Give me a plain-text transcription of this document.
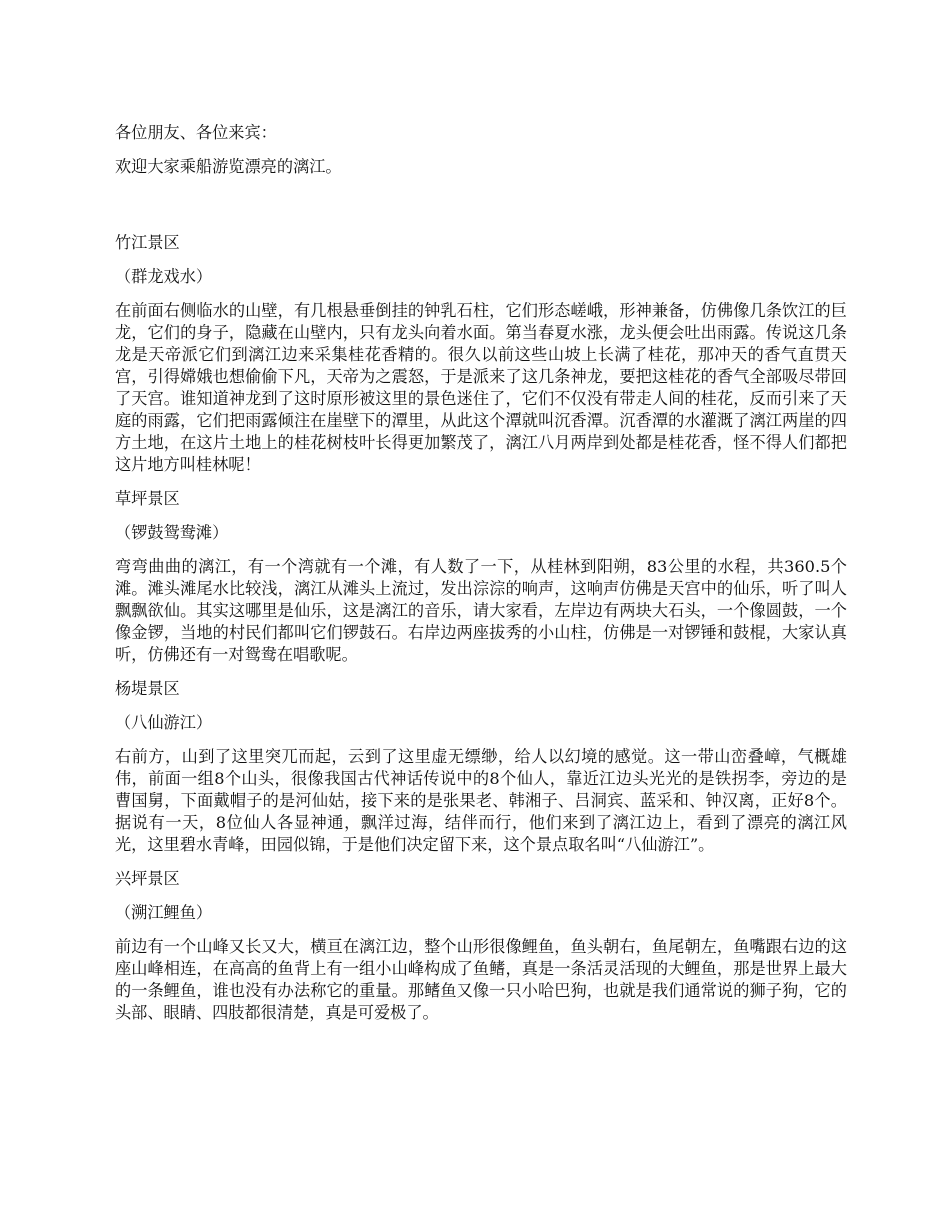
各位朋友、各位来宾：

欢迎大家乘船游览漂亮的漓江。

竹江景区

（群龙戏水）

在前面右侧临水的山壁，有几根悬垂倒挂的钟乳石柱，它们形态嵯峨，形神兼备，仿佛像几条饮江的巨龙，它们的身子，隐藏在山壁内，只有龙头向着水面。第当春夏水涨，龙头便会吐出雨露。传说这几条龙是天帝派它们到漓江边来采集桂花香精的。很久以前这些山坡上长满了桂花，那冲天的香气直贯天宫，引得嫦娥也想偷偷下凡，天帝为之震怒，于是派来了这几条神龙，要把这桂花的香气全部吸尽带回了天宫。谁知道神龙到了这时原形被这里的景色迷住了，它们不仅没有带走人间的桂花，反而引来了天庭的雨露，它们把雨露倾注在崖壁下的潭里，从此这个潭就叫沉香潭。沉香潭的水灌溉了漓江两崖的四方土地，在这片土地上的桂花树枝叶长得更加繁茂了，漓江八月两岸到处都是桂花香，怪不得人们都把这片地方叫桂林呢！

草坪景区

（锣鼓鸳鸯滩）

弯弯曲曲的漓江，有一个湾就有一个滩，有人数了一下，从桂林到阳朔，83公里的水程，共360.5个滩。滩头滩尾水比较浅，漓江从滩头上流过，发出淙淙的响声，这响声仿佛是天宫中的仙乐，听了叫人飘飘欲仙。其实这哪里是仙乐，这是漓江的音乐，请大家看，左岸边有两块大石头，一个像圆鼓，一个像金锣，当地的村民们都叫它们锣鼓石。右岸边两座拔秀的小山柱，仿佛是一对锣锤和鼓棍，大家认真听，仿佛还有一对鸳鸯在唱歌呢。

杨堤景区

（八仙游江）

右前方，山到了这里突兀而起，云到了这里虚无缥缈，给人以幻境的感觉。这一带山峦叠嶂，气概雄伟，前面一组8个山头，很像我国古代神话传说中的8个仙人，靠近江边头光光的是铁拐李，旁边的是曹国舅，下面戴帽子的是河仙姑，接下来的是张果老、韩湘子、吕洞宾、蓝采和、钟汉离，正好8个。据说有一天，8位仙人各显神通，飘洋过海，结伴而行，他们来到了漓江边上，看到了漂亮的漓江风光，这里碧水青峰，田园似锦，于是他们决定留下来，这个景点取名叫“八仙游江”。

兴坪景区

（溯江鲤鱼）

前边有一个山峰又长又大，横亘在漓江边，整个山形很像鲤鱼，鱼头朝右，鱼尾朝左，鱼嘴跟右边的这座山峰相连，在高高的鱼背上有一组小山峰构成了鱼鳍，真是一条活灵活现的大鲤鱼，那是世界上最大的一条鲤鱼，谁也没有办法称它的重量。那鳍鱼又像一只小哈巴狗，也就是我们通常说的狮子狗，它的头部、眼睛、四肢都很清楚，真是可爱极了。
